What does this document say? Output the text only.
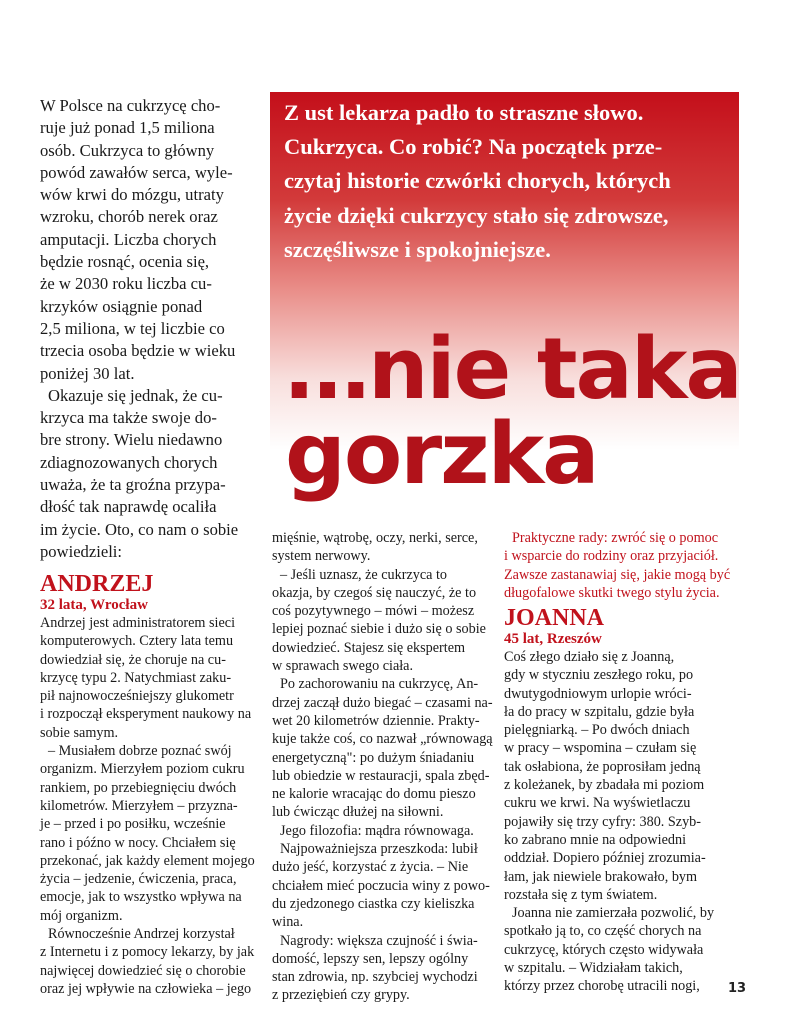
W Polsce na cukrzycę cho-
ruje już ponad 1,5 miliona
osób. Cukrzyca to główny
powód zawałów serca, wyle-
wów krwi do mózgu, utraty
wzroku, chorób nerek oraz
amputacji. Liczba chorych
będzie rosnąć, ocenia się,
że w 2030 roku liczba cu-
krzyków osiągnie ponad
2,5 miliona, w tej liczbie co
trzecia osoba będzie w wieku
poniżej 30 lat.

Okazuje się jednak, że cu-
krzyca ma także swoje do-
bre strony. Wielu niedawno
zdiagnozowanych chorych
uważa, że ta groźna przypa-
dłość tak naprawdę ocaliła
im życie. Oto, co nam o sobie
powiedzieli:

Z ust lekarza padło to straszne słowo.
Cukrzyca. Co robić? Na początek prze-
czytaj historie czwórki chorych, których
życie dzięki cukrzycy stało się zdrowsze,
szczęśliwsze i spokojniejsze.
…nie taka
gorzka
ANDRZEJ
32 lata, Wrocław

Andrzej jest administratorem sieci
komputerowych. Cztery lata temu
dowiedział się, że choruje na cu-
krzycę typu 2. Natychmiast zaku-
pił najnowocześniejszy glukometr
i rozpoczął eksperyment naukowy na
sobie samym.

– Musiałem dobrze poznać swój
organizm. Mierzyłem poziom cukru
rankiem, po przebiegnięciu dwóch
kilometrów. Mierzyłem – przyzna-
je – przed i po posiłku, wcześnie
rano i późno w nocy. Chciałem się
przekonać, jak każdy element mojego
życia – jedzenie, ćwiczenia, praca,
emocje, jak to wszystko wpływa na
mój organizm.

Równocześnie Andrzej korzystał
z Internetu i z pomocy lekarzy, by jak
najwięcej dowiedzieć się o chorobie
oraz jej wpływie na człowieka – jego

mięśnie, wątrobę, oczy, nerki, serce,
system nerwowy.

– Jeśli uznasz, że cukrzyca to
okazja, by czegoś się nauczyć, że to
coś pozytywnego – mówi – możesz
lepiej poznać siebie i dużo się o sobie
dowiedzieć. Stajesz się ekspertem
w sprawach swego ciała.

Po zachorowaniu na cukrzycę, An-
drzej zaczął dużo biegać – czasami na-
wet 20 kilometrów dziennie. Prakty-
kuje także coś, co nazwał „równowagą
energetyczną": po dużym śniadaniu
lub obiedzie w restauracji, spala zbęd-
ne kalorie wracając do domu pieszo
lub ćwicząc dłużej na siłowni.

Jego filozofia: mądra równowaga.

Najpoważniejsza przeszkoda: lubił
dużo jeść, korzystać z życia. – Nie
chciałem mieć poczucia winy z powo-
du zjedzonego ciastka czy kieliszka
wina.

Nagrody: większa czujność i świa-
domość, lepszy sen, lepszy ogólny
stan zdrowia, np. szybciej wychodzi
z przeziębień czy grypy.

Praktyczne rady: zwróć się o pomoc
i wsparcie do rodziny oraz przyjaciół.
Zawsze zastanawiaj się, jakie mogą być
długofalowe skutki twego stylu życia.
JOANNA
45 lat, Rzeszów

Coś złego działo się z Joanną,
gdy w styczniu zeszłego roku, po
dwutygodniowym urlopie wróci-
ła do pracy w szpitalu, gdzie była
pielęgniarką. – Po dwóch dniach
w pracy – wspomina – czułam się
tak osłabiona, że poprosiłam jedną
z koleżanek, by zbadała mi poziom
cukru we krwi. Na wyświetlaczu
pojawiły się trzy cyfry: 380. Szyb-
ko zabrano mnie na odpowiedni
oddział. Dopiero później zrozumia-
łam, jak niewiele brakowało, bym
rozstała się z tym światem.

Joanna nie zamierzała pozwolić, by
spotkało ją to, co część chorych na
cukrzycę, których często widywała
w szpitalu. – Widziałam takich,
którzy przez chorobę utracili nogi,	13
